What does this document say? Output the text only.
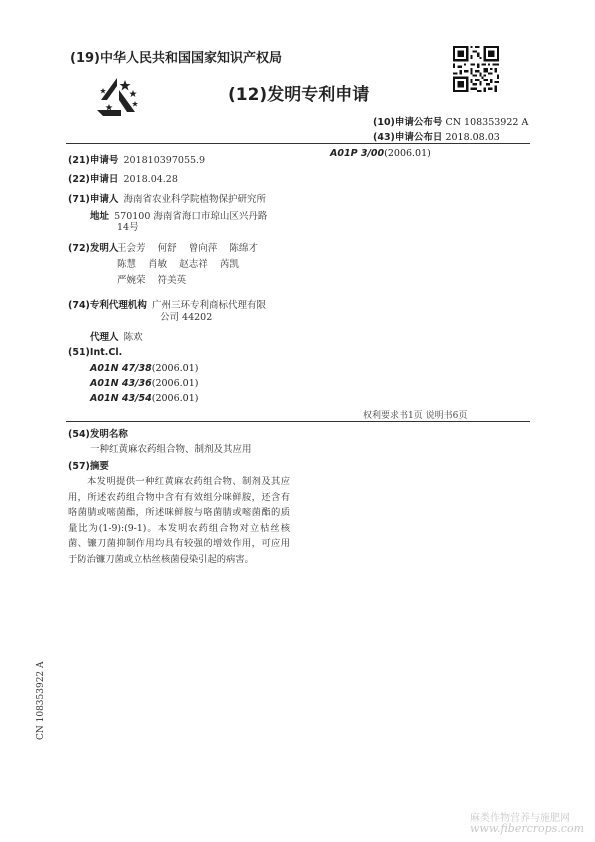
(19)中华人民共和国国家知识产权局
(12)发明专利申请
(10)申请公布号 CN 108353922 A
(43)申请公布日 2018.08.03
(21)申请号 201810397055.9
(22)申请日 2018.04.28
(71)申请人 海南省农业科学院植物保护研究所
地址 570100 海南省海口市琼山区兴丹路
14号
(72)发明人
王会芳 何舒 曾向萍 陈绵才
陈慧 肖敏 赵志祥 芮凯
严婉荣 符美英
(74)专利代理机构 广州三环专利商标代理有限
公司 44202
代理人 陈欢
(51)Int.Cl.
A01N 47/38(2006.01)
A01N 43/36(2006.01)
A01N 43/54(2006.01)
A01P 3/00(2006.01)
权利要求书1页 说明书6页
(54)发明名称
一种红黄麻农药组合物、制剂及其应用
(57)摘要
本发明提供一种红黄麻农药组合物、制剂及其应用，所述农药组合物中含有有效组分咪鲜胺，还含有咯菌腈或嘧菌酯，所述咪鲜胺与咯菌腈或嘧菌酯的质量比为(1-9):(9-1)。本发明农药组合物对立枯丝核菌、镰刀菌抑制作用均具有较强的增效作用，可应用于防治镰刀菌或立枯丝核菌侵染引起的病害。
CN 108353922 A
麻类作物营养与施肥网
www.fibercrops.com
